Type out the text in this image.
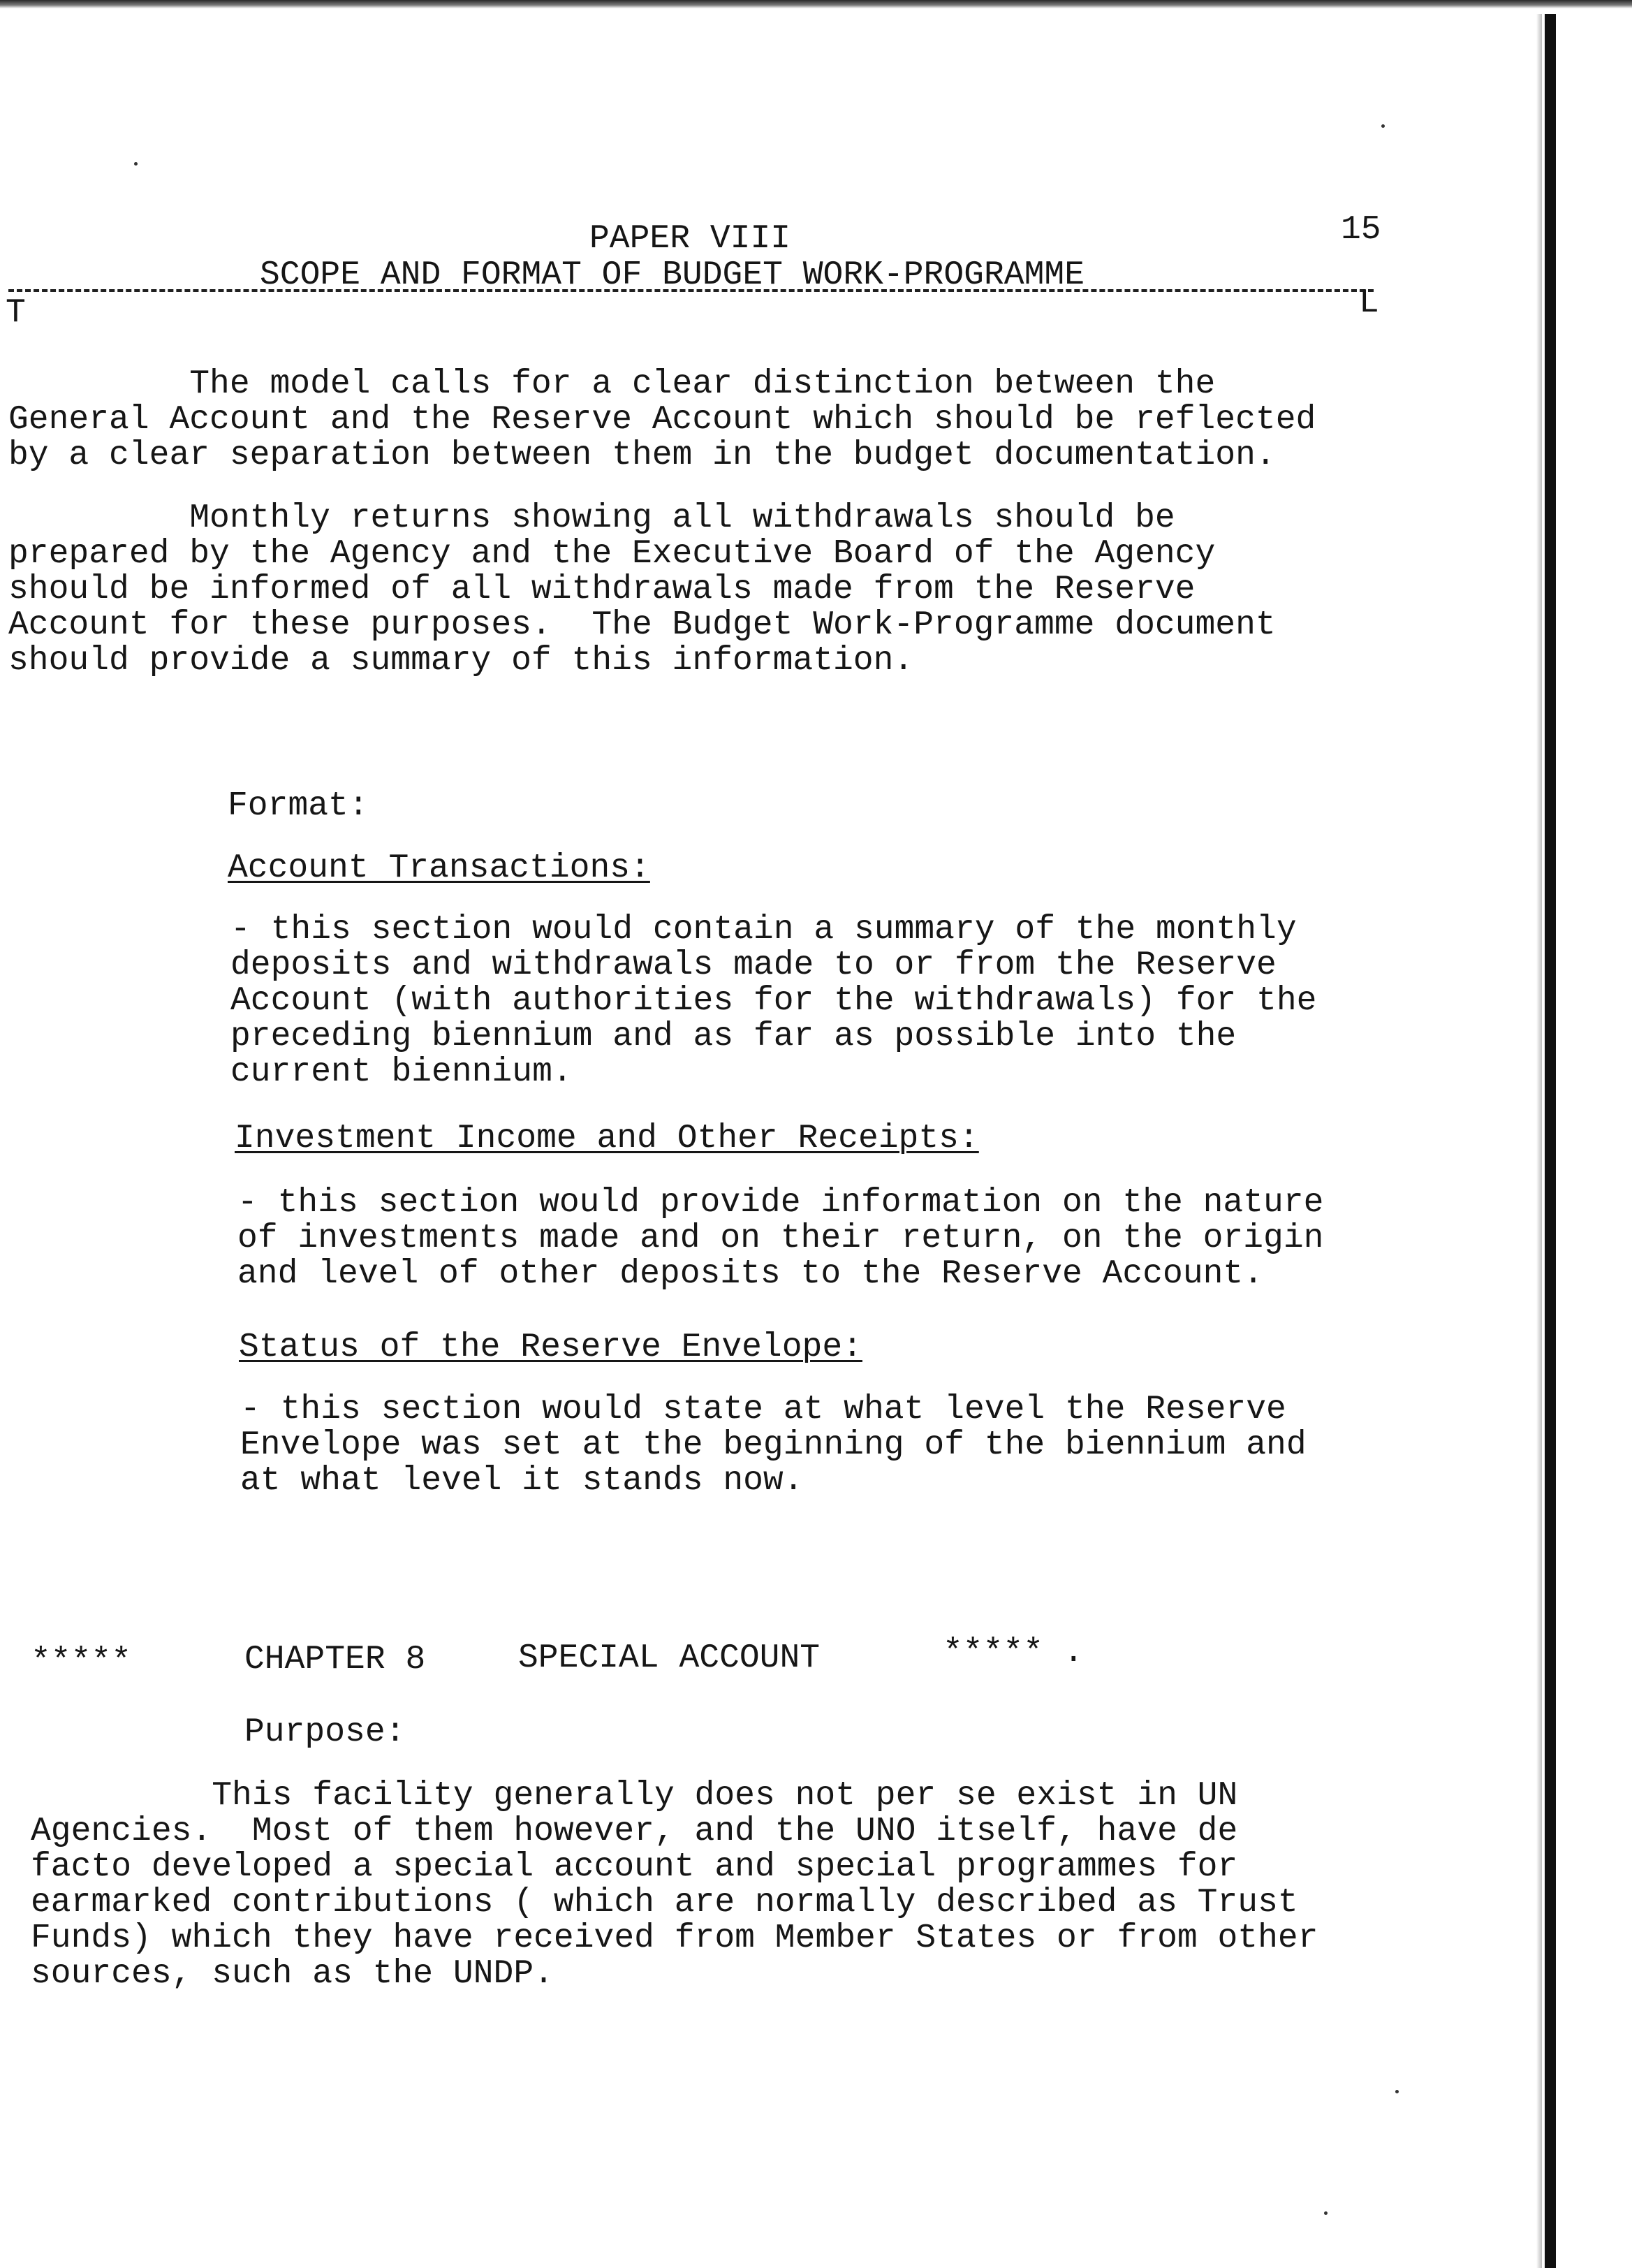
PAPER VIII	15
SCOPE AND FORMAT OF BUDGET WORK-PROGRAMME
T	L
The model calls for a clear distinction between the
General Account and the Reserve Account which should be reflected
by a clear separation between them in the budget documentation.
Monthly returns showing all withdrawals should be
prepared by the Agency and the Executive Board of the Agency
should be informed of all withdrawals made from the Reserve
Account for these purposes.  The Budget Work-Programme document
should provide a summary of this information.
Format:
Account Transactions:
- this section would contain a summary of the monthly
deposits and withdrawals made to or from the Reserve
Account (with authorities for the withdrawals) for the
preceding biennium and as far as possible into the
current biennium.
Investment Income and Other Receipts:
- this section would provide information on the nature
of investments made and on their return, on the origin
and level of other deposits to the Reserve Account.
Status of the Reserve Envelope:
- this section would state at what level the Reserve
Envelope was set at the beginning of the biennium and
at what level it stands now.
*****	CHAPTER 8	SPECIAL ACCOUNT	***** .
Purpose:
This facility generally does not per se exist in UN
Agencies.  Most of them however, and the UNO itself, have de
facto developed a special account and special programmes for
earmarked contributions ( which are normally described as Trust
Funds) which they have received from Member States or from other
sources, such as the UNDP.
